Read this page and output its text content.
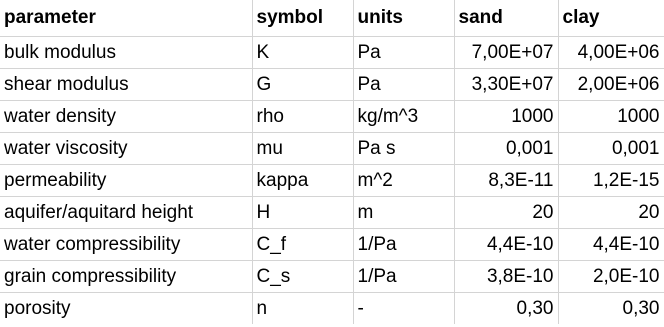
parameter	symbol	units	sand	clay
bulk modulus	K	Pa	7,00E+07	4,00E+06
shear modulus	G	Pa	3,30E+07	2,00E+06
water density	rho	kg/m^3	1000	1000
water viscosity	mu	Pa s	0,001	0,001
permeability	kappa	m^2	8,3E-11	1,2E-15
aquifer/aquitard height	H	m	20	20
water compressibility	C_f	1/Pa	4,4E-10	4,4E-10
grain compressibility	C_s	1/Pa	3,8E-10	2,0E-10
porosity	n	-	0,30	0,30
